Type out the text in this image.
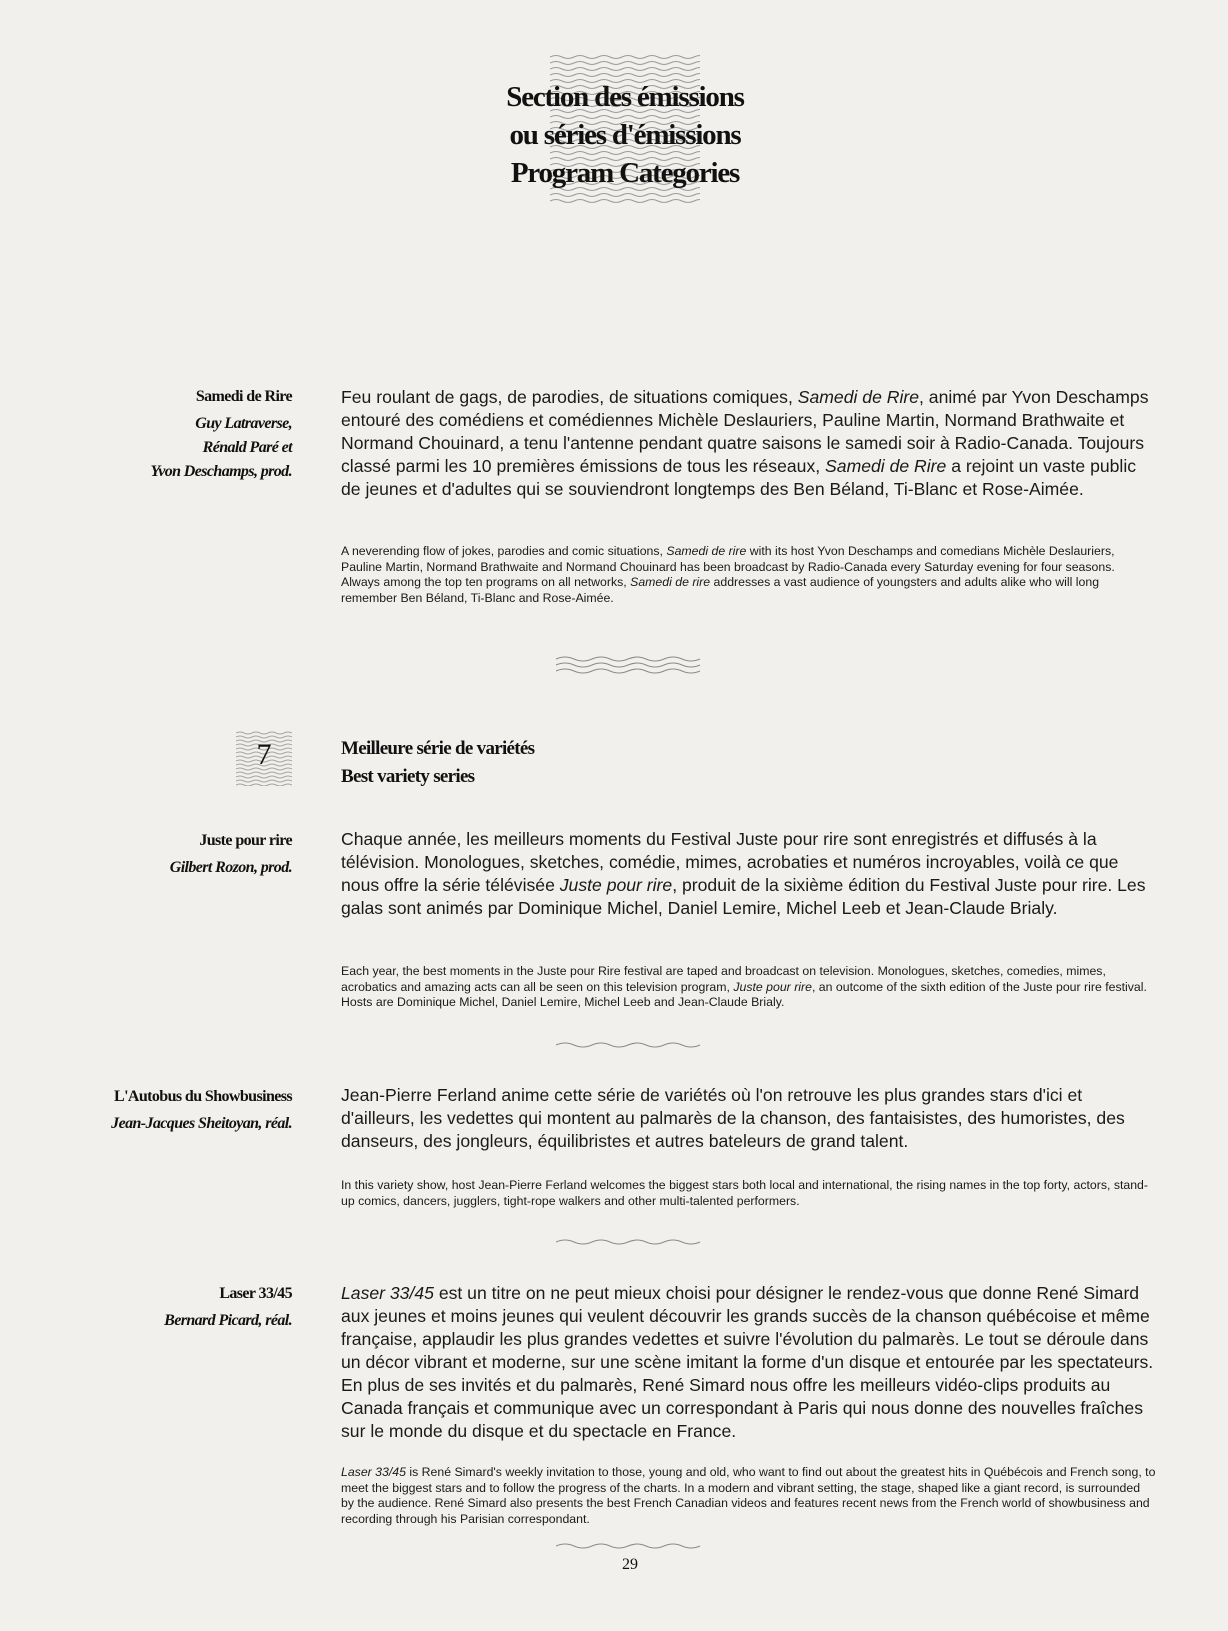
Section des émissions
ou séries d'émissions
Program Categories
Samedi de Rire
Guy Latraverse,
Rénald Paré et
Yvon Deschamps, prod.
Feu roulant de gags, de parodies, de situations comiques, Samedi de Rire, animé par Yvon Deschamps entouré des comédiens et comédiennes Michèle Deslauriers, Pauline Martin, Normand Brathwaite et Normand Chouinard, a tenu l'antenne pendant quatre saisons le samedi soir à Radio-Canada. Toujours classé parmi les 10 premières émissions de tous les réseaux, Samedi de Rire a rejoint un vaste public de jeunes et d'adultes qui se souviendront longtemps des Ben Béland, Ti-Blanc et Rose-Aimée.
A neverending flow of jokes, parodies and comic situations, Samedi de rire with its host Yvon Deschamps and comedians Michèle Deslauriers, Pauline Martin, Normand Brathwaite and Normand Chouinard has been broadcast by Radio-Canada every Saturday evening for four seasons. Always among the top ten programs on all networks, Samedi de rire addresses a vast audience of youngsters and adults alike who will long remember Ben Béland, Ti-Blanc and Rose-Aimée.
7	Meilleure série de variétés
Best variety series
Juste pour rire
Gilbert Rozon, prod.
Chaque année, les meilleurs moments du Festival Juste pour rire sont enregistrés et diffusés à la télévision. Monologues, sketches, comédie, mimes, acrobaties et numéros incroyables, voilà ce que nous offre la série télévisée Juste pour rire, produit de la sixième édition du Festival Juste pour rire. Les galas sont animés par Dominique Michel, Daniel Lemire, Michel Leeb et Jean-Claude Brialy.
Each year, the best moments in the Juste pour Rire festival are taped and broadcast on television. Monologues, sketches, comedies, mimes, acrobatics and amazing acts can all be seen on this television program, Juste pour rire, an outcome of the sixth edition of the Juste pour rire festival. Hosts are Dominique Michel, Daniel Lemire, Michel Leeb and Jean-Claude Brialy.
L'Autobus du Showbusiness
Jean-Jacques Sheitoyan, réal.
Jean-Pierre Ferland anime cette série de variétés où l'on retrouve les plus grandes stars d'ici et d'ailleurs, les vedettes qui montent au palmarès de la chanson, des fantaisistes, des humoristes, des danseurs, des jongleurs, équilibristes et autres bateleurs de grand talent.
In this variety show, host Jean-Pierre Ferland welcomes the biggest stars both local and international, the rising names in the top forty, actors, stand-up comics, dancers, jugglers, tight-rope walkers and other multi-talented performers.
Laser 33/45
Bernard Picard, réal.
Laser 33/45 est un titre on ne peut mieux choisi pour désigner le rendez-vous que donne René Simard aux jeunes et moins jeunes qui veulent découvrir les grands succès de la chanson québécoise et même française, applaudir les plus grandes vedettes et suivre l'évolution du palmarès. Le tout se déroule dans un décor vibrant et moderne, sur une scène imitant la forme d'un disque et entourée par les spectateurs. En plus de ses invités et du palmarès, René Simard nous offre les meilleurs vidéo-clips produits au Canada français et communique avec un correspondant à Paris qui nous donne des nouvelles fraîches sur le monde du disque et du spectacle en France.
Laser 33/45 is René Simard's weekly invitation to those, young and old, who want to find out about the greatest hits in Québécois and French song, to meet the biggest stars and to follow the progress of the charts. In a modern and vibrant setting, the stage, shaped like a giant record, is surrounded by the audience. René Simard also presents the best French Canadian videos and features recent news from the French world of showbusiness and recording through his Parisian correspondant.
29
